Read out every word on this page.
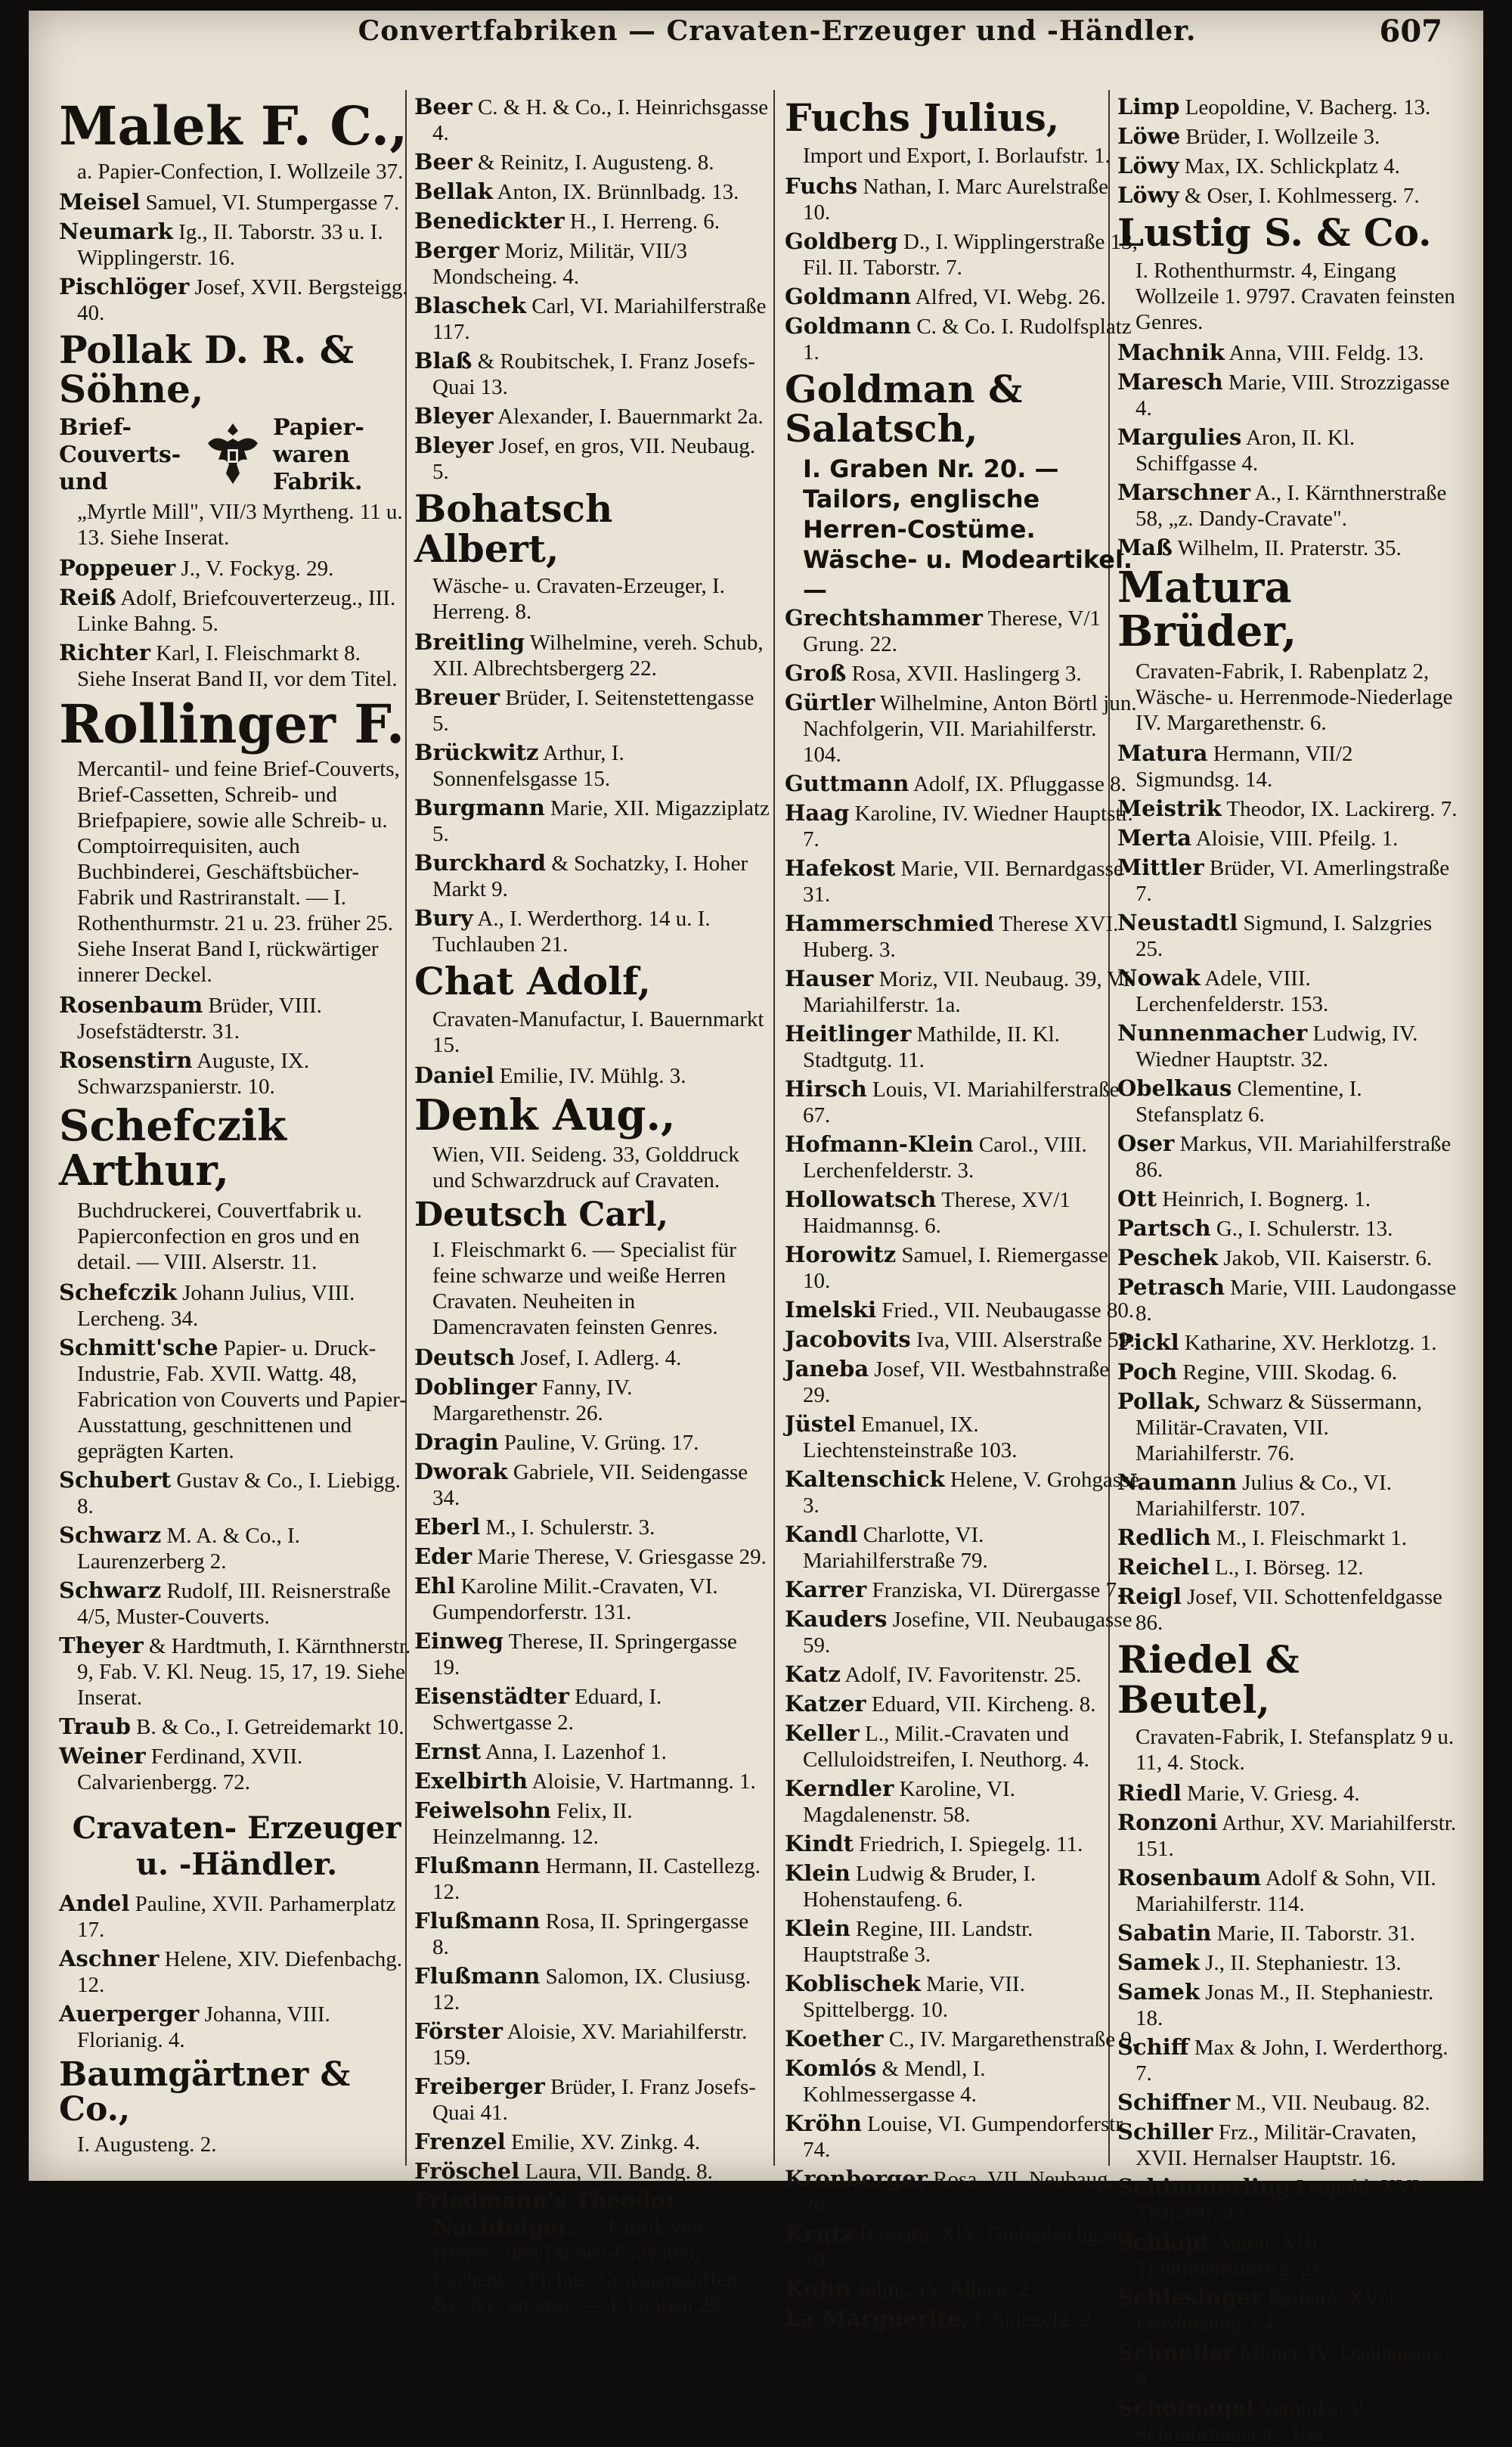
Convertfabriken — Cravaten-Erzeuger und -Händler.	607
Malek F. C.,
a. Papier-Confection, I. Wollzeile 37.
Meisel Samuel, VI. Stumpergasse 7.
Neumark Ig., II. Taborstr. 33 u. I. Wipplingerstr. 16.
Pischlöger Josef, XVII. Bergsteigg. 40.
Pollak D. R. & Söhne,
Brief- Couverts- und
Papier- waren Fabrik.
„Myrtle Mill", VII/3 Myrtheng. 11 u. 13. Siehe Inserat.
Poppeuer J., V. Fockyg. 29.
Reiß Adolf, Briefcouverterzeug., III. Linke Bahng. 5.
Richter Karl, I. Fleischmarkt 8. Siehe Inserat Band II, vor dem Titel.
Rollinger F.
Mercantil- und feine Brief-Couverts, Brief-Cassetten, Schreib- und Briefpapiere, sowie alle Schreib- u. Comptoirrequisiten, auch Buchbinderei, Geschäftsbücher-Fabrik und Rastriranstalt. — I. Rothenthurmstr. 21 u. 23. früher 25. Siehe Inserat Band I, rückwärtiger innerer Deckel.
Rosenbaum Brüder, VIII. Josefstädterstr. 31.
Rosenstirn Auguste, IX. Schwarzspanierstr. 10.
Schefczik Arthur,
Buchdruckerei, Couvertfabrik u. Papierconfection en gros und en detail. — VIII. Alserstr. 11.
Schefczik Johann Julius, VIII. Lercheng. 34.
Schmitt'sche Papier- u. Druck-Industrie, Fab. XVII. Wattg. 48, Fabrication von Couverts und Papier-Ausstattung, geschnittenen und geprägten Karten.
Schubert Gustav & Co., I. Liebigg. 8.
Schwarz M. A. & Co., I. Laurenzerberg 2.
Schwarz Rudolf, III. Reisnerstraße 4/5, Muster-Couverts.
Theyer & Hardtmuth, I. Kärnthnerstr. 9, Fab. V. Kl. Neug. 15, 17, 19. Siehe Inserat.
Traub B. & Co., I. Getreidemarkt 10.
Weiner Ferdinand, XVII. Calvarienbergg. 72.
Cravaten- Erzeuger u. -Händler.
Andel Pauline, XVII. Parhamerplatz 17.
Aschner Helene, XIV. Diefenbachg. 12.
Auerperger Johanna, VIII. Florianig. 4.
Baumgärtner & Co.,
I. Augusteng. 2.
Beer C. & H. & Co., I. Heinrichsgasse 4.
Beer & Reinitz, I. Augusteng. 8.
Bellak Anton, IX. Brünnlbadg. 13.
Benedickter H., I. Herreng. 6.
Berger Moriz, Militär, VII/3 Mondscheing. 4.
Blaschek Carl, VI. Mariahilferstraße 117.
Blaß & Roubitschek, I. Franz Josefs-Quai 13.
Bleyer Alexander, I. Bauernmarkt 2a.
Bleyer Josef, en gros, VII. Neubaug. 5.
Bohatsch Albert,
Wäsche- u. Cravaten-Erzeuger, I. Herreng. 8.
Breitling Wilhelmine, vereh. Schub, XII. Albrechtsbergerg 22.
Breuer Brüder, I. Seitenstettengasse 5.
Brückwitz Arthur, I. Sonnenfelsgasse 15.
Burgmann Marie, XII. Migazziplatz 5.
Burckhard & Sochatzky, I. Hoher Markt 9.
Bury A., I. Werderthorg. 14 u. I. Tuchlauben 21.
Chat Adolf,
Cravaten-Manufactur, I. Bauernmarkt 15.
Daniel Emilie, IV. Mühlg. 3.
Denk Aug.,
Wien, VII. Seideng. 33, Golddruck und Schwarzdruck auf Cravaten.
Deutsch Carl,
I. Fleischmarkt 6. — Specialist für feine schwarze und weiße Herren Cravaten. Neuheiten in Damencravaten feinsten Genres.
Deutsch Josef, I. Adlerg. 4.
Doblinger Fanny, IV. Margarethenstr. 26.
Dragin Pauline, V. Grüng. 17.
Dworak Gabriele, VII. Seidengasse 34.
Eberl M., I. Schulerstr. 3.
Eder Marie Therese, V. Griesgasse 29.
Ehl Karoline Milit.-Cravaten, VI. Gumpendorferstr. 131.
Einweg Therese, II. Springergasse 19.
Eisenstädter Eduard, I. Schwertgasse 2.
Ernst Anna, I. Lazenhof 1.
Exelbirth Aloisie, V. Hartmanng. 1.
Feiwelsohn Felix, II. Heinzelmanng. 12.
Flußmann Hermann, II. Castellezg. 12.
Flußmann Rosa, II. Springergasse 8.
Flußmann Salomon, IX. Clusiusg. 12.
Förster Aloisie, XV. Mariahilferstr. 159.
Freiberger Brüder, I. Franz Josefs-Quai 41.
Frenzel Emilie, XV. Zinkg. 4.
Fröschel Laura, VII. Bandg. 8.
Friedmann's Theodor Nachfolger. — Fabrik von Herren- und Damen-Cravaten, Cachenez, Fichus, Cravatenstoffen &c. &c. en gros, — I. Graben 29.
Fuchs Julius,
Import und Export, I. Borlaufstr. 1.
Fuchs Nathan, I. Marc Aurelstraße 10.
Goldberg D., I. Wipplingerstraße 13, Fil. II. Taborstr. 7.
Goldmann Alfred, VI. Webg. 26.
Goldmann C. & Co. I. Rudolfsplatz 1.
Goldman & Salatsch,
I. Graben Nr. 20. — Tailors, englische Herren-Costüme. Wäsche- u. Modeartikel. —
Grechtshammer Therese, V/1 Grung. 22.
Groß Rosa, XVII. Haslingerg 3.
Gürtler Wilhelmine, Anton Börtl jun. Nachfolgerin, VII. Mariahilferstr. 104.
Guttmann Adolf, IX. Pfluggasse 8.
Haag Karoline, IV. Wiedner Hauptstr. 7.
Hafekost Marie, VII. Bernardgasse 31.
Hammerschmied Therese XVI. Huberg. 3.
Hauser Moriz, VII. Neubaug. 39, VI. Mariahilferstr. 1a.
Heitlinger Mathilde, II. Kl. Stadtgutg. 11.
Hirsch Louis, VI. Mariahilferstraße 67.
Hofmann-Klein Carol., VIII. Lerchenfelderstr. 3.
Hollowatsch Therese, XV/1 Haidmannsg. 6.
Horowitz Samuel, I. Riemergasse 10.
Imelski Fried., VII. Neubaugasse 80.
Jacobovits Iva, VIII. Alserstraße 59.
Janeba Josef, VII. Westbahnstraße 29.
Jüstel Emanuel, IX. Liechtensteinstraße 103.
Kaltenschick Helene, V. Grohgasse 3.
Kandl Charlotte, VI. Mariahilferstraße 79.
Karrer Franziska, VI. Dürergasse 7.
Kauders Josefine, VII. Neubaugasse 59.
Katz Adolf, IV. Favoritenstr. 25.
Katzer Eduard, VII. Kircheng. 8.
Keller L., Milit.-Cravaten und Celluloidstreifen, I. Neuthorg. 4.
Kerndler Karoline, VI. Magdalenenstr. 58.
Kindt Friedrich, I. Spiegelg. 11.
Klein Ludwig & Bruder, I. Hohenstaufeng. 6.
Klein Regine, III. Landstr. Hauptstraße 3.
Koblischek Marie, VII. Spittelbergg. 10.
Koether C., IV. Margarethenstraße 9.
Komlós & Mendl, I. Kohlmessergasse 4.
Kröhn Louise, VI. Gumpendorferstr. 74.
Kronberger Rosa, VII. Neubaug. 26.
Krutz Barbara, XIV. Diefenbachgasse 10.
Kuhn Julius, IV. Alleeg. 2.
La Marguerite, I. Spiegelg. 2.
Limp Leopoldine, V. Bacherg. 13.
Löwe Brüder, I. Wollzeile 3.
Löwy Max, IX. Schlickplatz 4.
Löwy & Oser, I. Kohlmesserg. 7.
Lustig S. & Co.
I. Rothenthurmstr. 4, Eingang Wollzeile 1. 9797. Cravaten feinsten Genres.
Machnik Anna, VIII. Feldg. 13.
Maresch Marie, VIII. Strozzigasse 4.
Margulies Aron, II. Kl. Schiffgasse 4.
Marschner A., I. Kärnthnerstraße 58, „z. Dandy-Cravate".
Maß Wilhelm, II. Praterstr. 35.
Matura Brüder,
Cravaten-Fabrik, I. Rabenplatz 2, Wäsche- u. Herrenmode-Niederlage IV. Margarethenstr. 6.
Matura Hermann, VII/2 Sigmundsg. 14.
Meistrik Theodor, IX. Lackirerg. 7.
Merta Aloisie, VIII. Pfeilg. 1.
Mittler Brüder, VI. Amerlingstraße 7.
Neustadtl Sigmund, I. Salzgries 25.
Nowak Adele, VIII. Lerchenfelderstr. 153.
Nunnenmacher Ludwig, IV. Wiedner Hauptstr. 32.
Obelkaus Clementine, I. Stefansplatz 6.
Oser Markus, VII. Mariahilferstraße 86.
Ott Heinrich, I. Bognerg. 1.
Partsch G., I. Schulerstr. 13.
Peschek Jakob, VII. Kaiserstr. 6.
Petrasch Marie, VIII. Laudongasse 8.
Pickl Katharine, XV. Herklotzg. 1.
Poch Regine, VIII. Skodag. 6.
Pollak, Schwarz & Süssermann, Militär-Cravaten, VII. Mariahilferstr. 76.
Naumann Julius & Co., VI. Mariahilferstr. 107.
Redlich M., I. Fleischmarkt 1.
Reichel L., I. Börseg. 12.
Reigl Josef, VII. Schottenfeldgasse 86.
Riedel & Beutel,
Cravaten-Fabrik, I. Stefansplatz 9 u. 11, 4. Stock.
Riedl Marie, V. Griesg. 4.
Ronzoni Arthur, XV. Mariahilferstr. 151.
Rosenbaum Adolf & Sohn, VII. Mariahilferstr. 114.
Sabatin Marie, II. Taborstr. 31.
Samek J., II. Stephaniestr. 13.
Samek Jonas M., II. Stephaniestr. 18.
Schiff Max & John, I. Werderthorg. 7.
Schiffner M., VII. Neubaug. 82.
Schiller Frz., Militär-Cravaten, XVII. Hernalser Hauptstr. 16.
Schimmerling Leopold, XVI. Thaliastr. 42.
Schlapt Anton, XIII. Trauttmansdorffg. 21.
Schlesinger Barbara, XV/1 Friedmanng. 64.
Schneller Minna, IV. Danhauserg. 9.
Schöfnagel Veronika, V. Schönbrunnerstr. 108.
